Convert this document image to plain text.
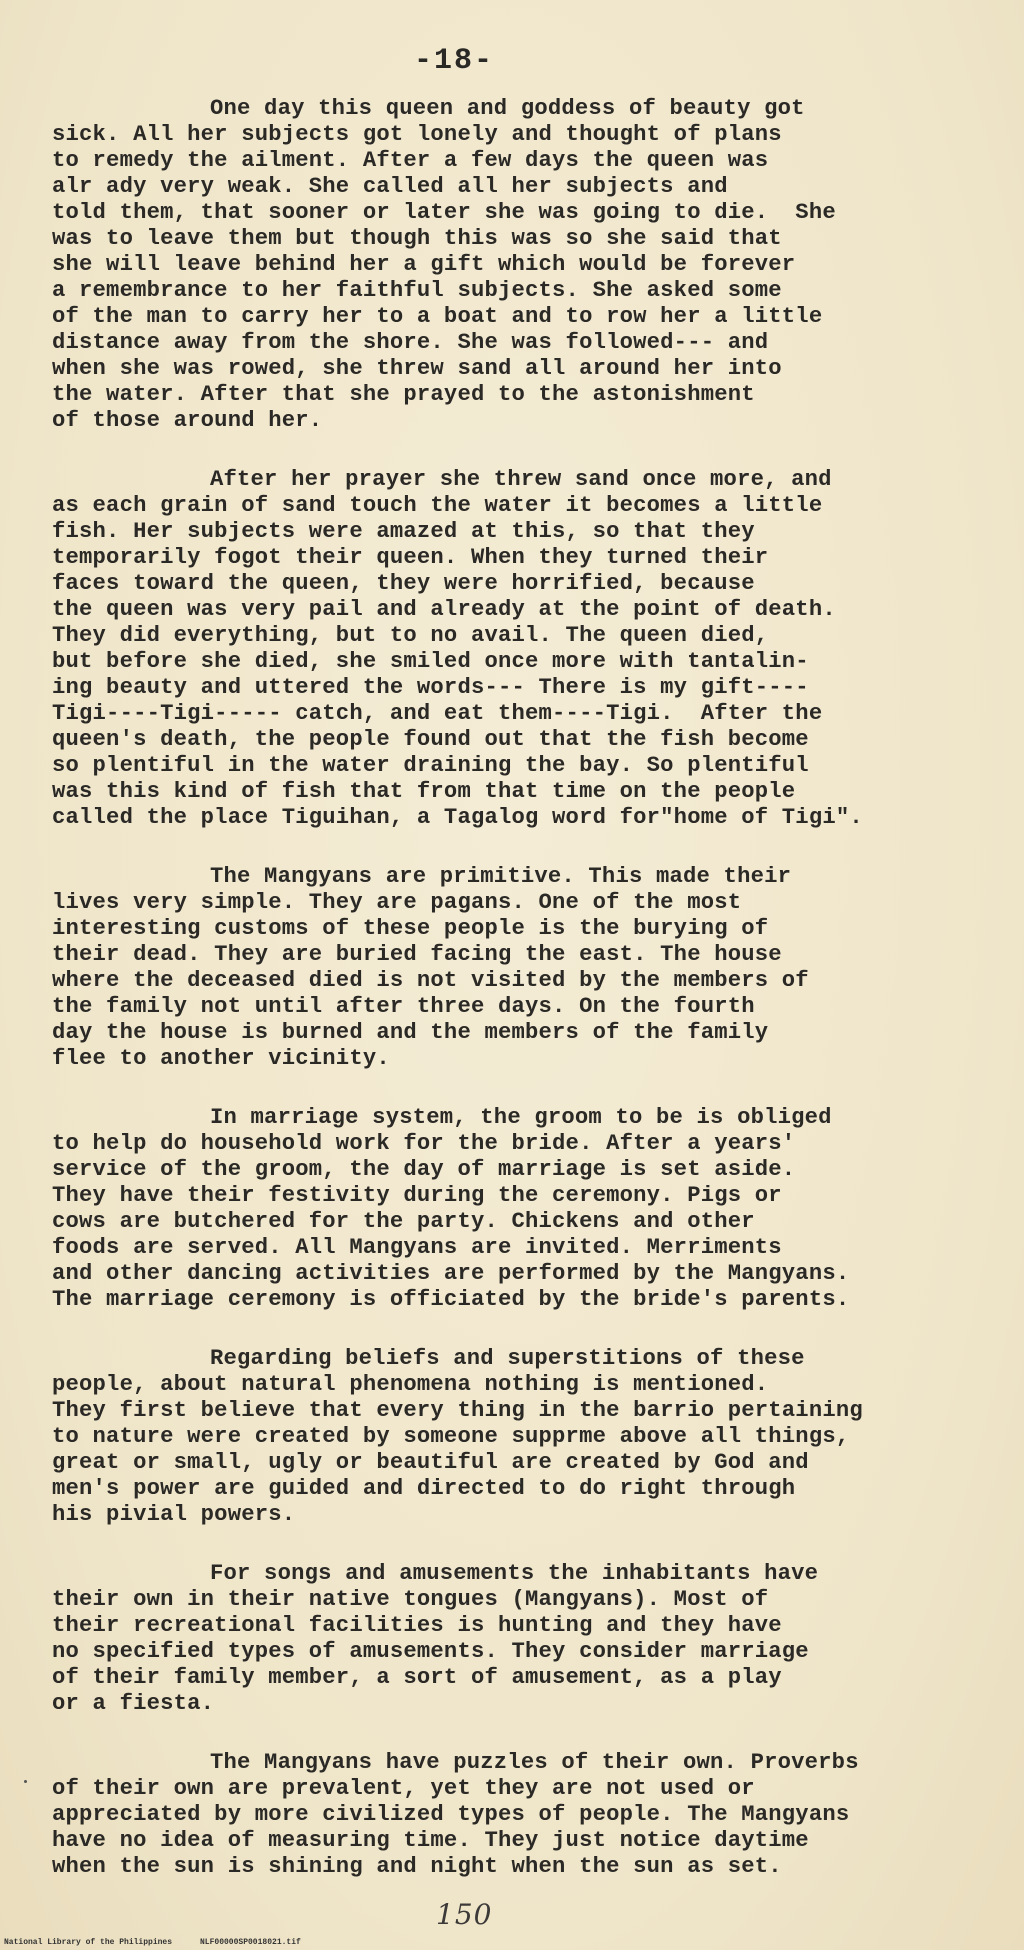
-18-
One day this queen and goddess of beauty got
sick. All her subjects got lonely and thought of plans
to remedy the ailment. After a few days the queen was
alr ady very weak. She called all her subjects and
told them, that sooner or later she was going to die.  She
was to leave them but though this was so she said that
she will leave behind her a gift which would be forever
a remembrance to her faithful subjects. She asked some
of the man to carry her to a boat and to row her a little
distance away from the shore. She was followed--- and
when she was rowed, she threw sand all around her into
the water. After that she prayed to the astonishment
of those around her.
After her prayer she threw sand once more, and
as each grain of sand touch the water it becomes a little
fish. Her subjects were amazed at this, so that they
temporarily fogot their queen. When they turned their
faces toward the queen, they were horrified, because
the queen was very pail and already at the point of death.
They did everything, but to no avail. The queen died,
but before she died, she smiled once more with tantalin-
ing beauty and uttered the words--- There is my gift----
Tigi----Tigi----- catch, and eat them----Tigi.  After the
queen's death, the people found out that the fish become
so plentiful in the water draining the bay. So plentiful
was this kind of fish that from that time on the people
called the place Tiguihan, a Tagalog word for"home of Tigi".
The Mangyans are primitive. This made their
lives very simple. They are pagans. One of the most
interesting customs of these people is the burying of
their dead. They are buried facing the east. The house
where the deceased died is not visited by the members of
the family not until after three days. On the fourth
day the house is burned and the members of the family
flee to another vicinity.
In marriage system, the groom to be is obliged
to help do household work for the bride. After a years'
service of the groom, the day of marriage is set aside.
They have their festivity during the ceremony. Pigs or
cows are butchered for the party. Chickens and other
foods are served. All Mangyans are invited. Merriments
and other dancing activities are performed by the Mangyans.
The marriage ceremony is officiated by the bride's parents.
Regarding beliefs and superstitions of these
people, about natural phenomena nothing is mentioned.
They first believe that every thing in the barrio pertaining
to nature were created by someone supprme above all things,
great or small, ugly or beautiful are created by God and
men's power are guided and directed to do right through
his pivial powers.
For songs and amusements the inhabitants have
their own in their native tongues (Mangyans). Most of
their recreational facilities is hunting and they have
no specified types of amusements. They consider marriage
of their family member, a sort of amusement, as a play
or a fiesta.
The Mangyans have puzzles of their own. Proverbs
of their own are prevalent, yet they are not used or
appreciated by more civilized types of people. The Mangyans
have no idea of measuring time. They just notice daytime
when the sun is shining and night when the sun as set.
150
National Library of the Philippines	NLF00000SP0018021.tif
